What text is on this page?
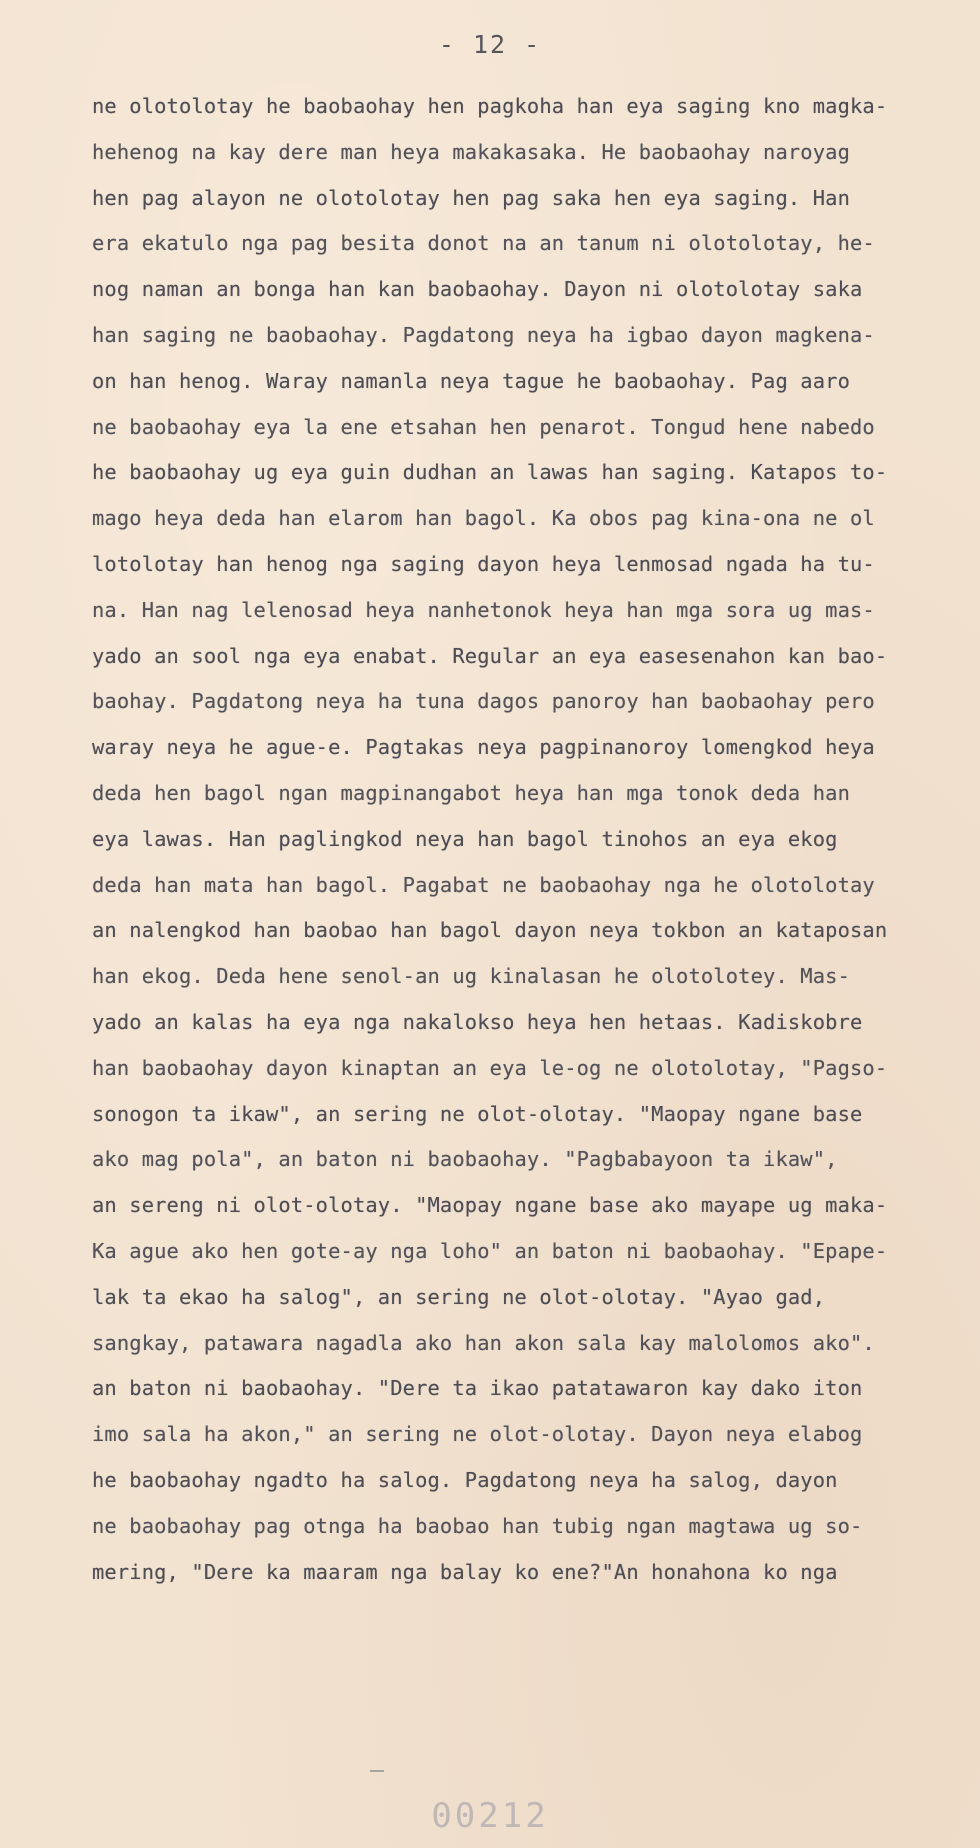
- 12 -
ne olotolotay he baobaohay hen pagkoha han eya saging kno magka-
hehenog na kay dere man heya makakasaka. He baobaohay naroyag
hen pag alayon ne olotolotay hen pag saka hen eya saging. Han
era ekatulo nga pag besita donot na an tanum ni olotolotay, he-
nog naman an bonga han kan baobaohay. Dayon ni olotolotay saka
han saging ne baobaohay. Pagdatong neya ha igbao dayon magkena-
on han henog. Waray namanla neya tague he baobaohay. Pag aaro
ne baobaohay eya la ene etsahan hen penarot. Tongud hene nabedo
he baobaohay ug eya guin dudhan an lawas han saging. Katapos to-
mago heya deda han elarom han bagol. Ka obos pag kina-ona ne ol
lotolotay han henog nga saging dayon heya lenmosad ngada ha tu-
na. Han nag lelenosad heya nanhetonok heya han mga sora ug mas-
yado an sool nga eya enabat. Regular an eya easesenahon kan bao-
baohay. Pagdatong neya ha tuna dagos panoroy han baobaohay pero
waray neya he ague-e. Pagtakas neya pagpinanoroy lomengkod heya
deda hen bagol ngan magpinangabot heya han mga tonok deda han
eya lawas. Han paglingkod neya han bagol tinohos an eya ekog
deda han mata han bagol. Pagabat ne baobaohay nga he olotolotay
an nalengkod han baobao han bagol dayon neya tokbon an kataposan
han ekog. Deda hene senol-an ug kinalasan he olotolotey. Mas-
yado an kalas ha eya nga nakalokso heya hen hetaas. Kadiskobre
han baobaohay dayon kinaptan an eya le-og ne olotolotay, "Pagso-
sonogon ta ikaw", an sering ne olot-olotay. "Maopay ngane base
ako mag pola", an baton ni baobaohay. "Pagbabayoon ta ikaw",
an sereng ni olot-olotay. "Maopay ngane base ako mayape ug maka-
Ka ague ako hen gote-ay nga loho" an baton ni baobaohay. "Epape-
lak ta ekao ha salog", an sering ne olot-olotay. "Ayao gad,
sangkay, patawara nagadla ako han akon sala kay malolomos ako".
an baton ni baobaohay. "Dere ta ikao patatawaron kay dako iton
imo sala ha akon," an sering ne olot-olotay. Dayon neya elabog
he baobaohay ngadto ha salog. Pagdatong neya ha salog, dayon
ne baobaohay pag otnga ha baobao han tubig ngan magtawa ug so-
mering, "Dere ka maaram nga balay ko ene?"An honahona ko nga
00212
